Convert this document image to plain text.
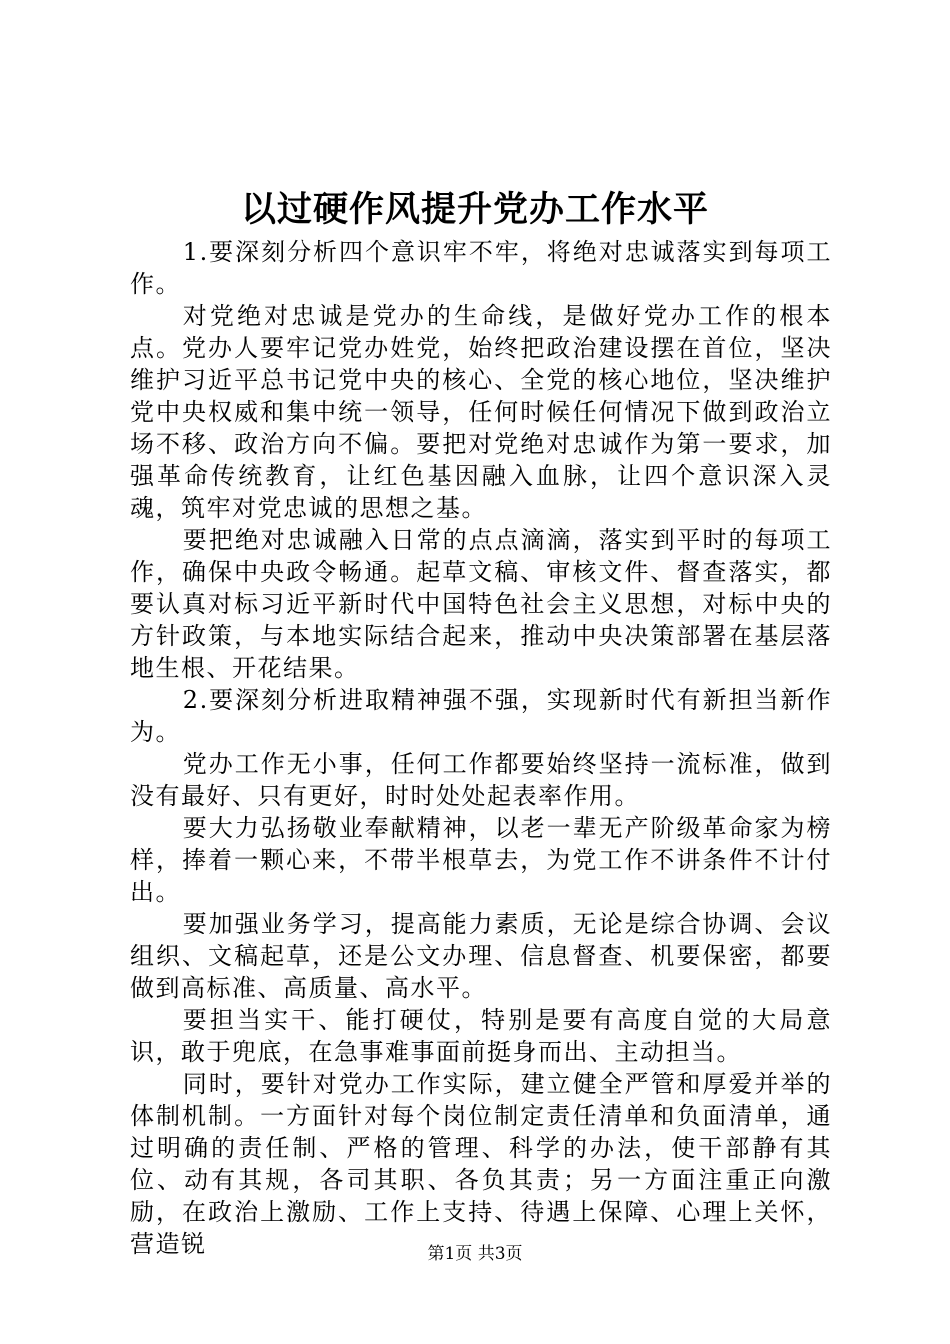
以过硬作风提升党办工作水平

1.要深刻分析四个意识牢不牢，将绝对忠诚落实到每项工作。

对党绝对忠诚是党办的生命线，是做好党办工作的根本点。党办人要牢记党办姓党，始终把政治建设摆在首位，坚决维护习近平总书记党中央的核心、全党的核心地位，坚决维护党中央权威和集中统一领导，任何时候任何情况下做到政治立场不移、政治方向不偏。要把对党绝对忠诚作为第一要求，加强革命传统教育，让红色基因融入血脉，让四个意识深入灵魂，筑牢对党忠诚的思想之基。

要把绝对忠诚融入日常的点点滴滴，落实到平时的每项工作，确保中央政令畅通。起草文稿、审核文件、督查落实，都要认真对标习近平新时代中国特色社会主义思想，对标中央的方针政策，与本地实际结合起来，推动中央决策部署在基层落地生根、开花结果。

2.要深刻分析进取精神强不强，实现新时代有新担当新作为。

党办工作无小事，任何工作都要始终坚持一流标准，做到没有最好、只有更好，时时处处起表率作用。

要大力弘扬敬业奉献精神，以老一辈无产阶级革命家为榜样，捧着一颗心来，不带半根草去，为党工作不讲条件不计付出。

要加强业务学习，提高能力素质，无论是综合协调、会议组织、文稿起草，还是公文办理、信息督查、机要保密，都要做到高标准、高质量、高水平。

要担当实干、能打硬仗，特别是要有高度自觉的大局意识，敢于兜底，在急事难事面前挺身而出、主动担当。

同时，要针对党办工作实际，建立健全严管和厚爱并举的体制机制。一方面针对每个岗位制定责任清单和负面清单，通过明确的责任制、严格的管理、科学的办法，使干部静有其位、动有其规，各司其职、各负其责；另一方面注重正向激励，在政治上激励、工作上支持、待遇上保障、心理上关怀，营造锐	第1页 共3页
